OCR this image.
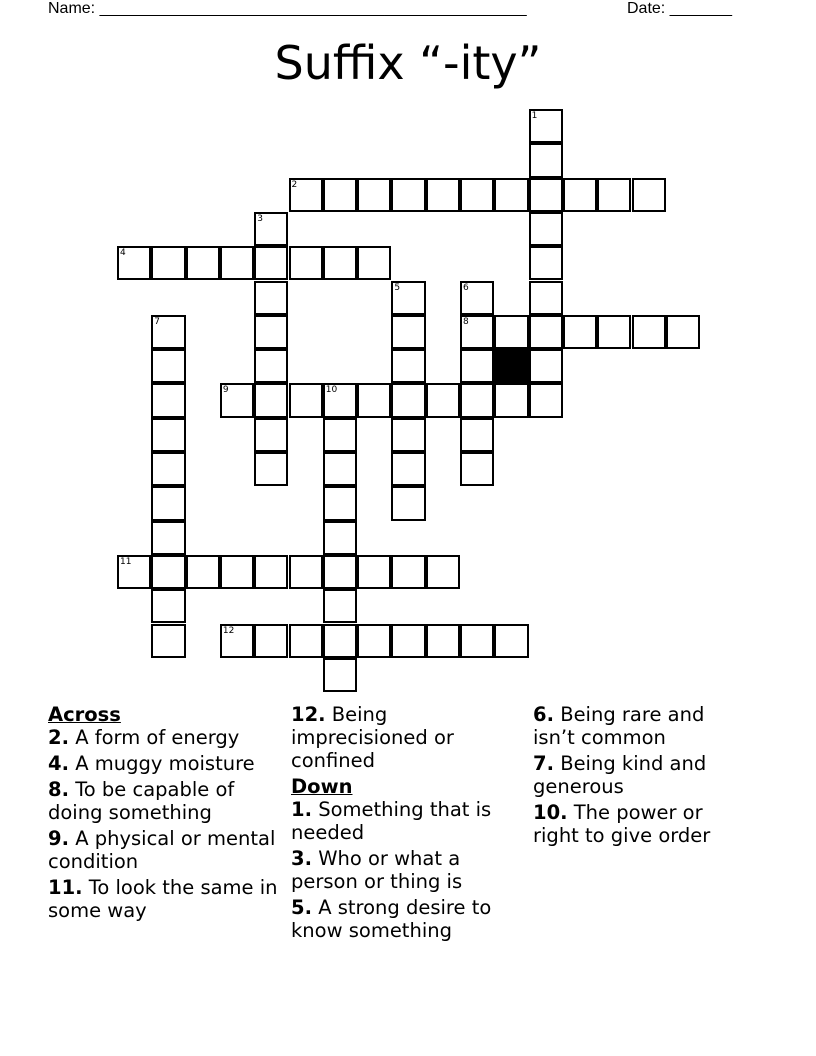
Name: ________________________________________________	Date: _______
Suffix “-ity”
1
2
3
4
5	6
8
7
9	10
11
12
Across
2. A form of energy
4. A muggy moisture
8. To be capable of doing something
9. A physical or mental condition
11. To look the same in some way
12. Being imprecisioned or confined
Down
1. Something that is needed
3. Who or what a person or thing is
5. A strong desire to know something
6. Being rare and isn’t common
7. Being kind and generous
10. The power or right to give order
